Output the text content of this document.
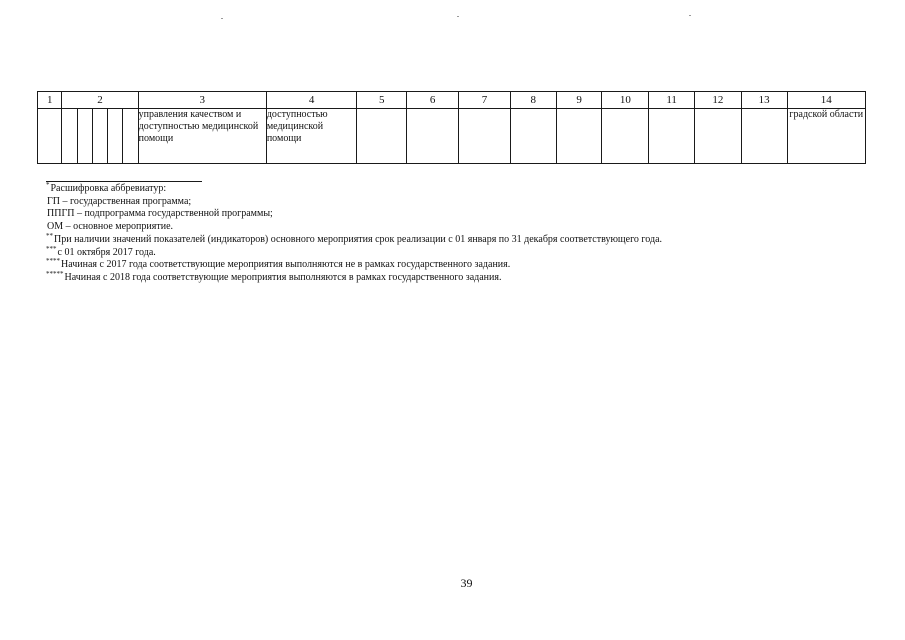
1	2					3	4	5	6	7	8	9	10	11	12	13	14
						управления качеством и доступностью медицинской помощи	доступностью медицинской помощи										градской области
*Расшифровка аббревиатур:
ГП – государственная программа;
ППГП – подпрограмма государственной программы;
ОМ – основное мероприятие.
**При наличии значений показателей (индикаторов) основного мероприятия срок реализации с 01 января по 31 декабря соответствующего года.
***с 01 октября 2017 года.
****Начиная с 2017 года соответствующие мероприятия выполняются не в рамках государственного задания.
*****Начиная с 2018 года соответствующие мероприятия выполняются в рамках государственного задания.
39
